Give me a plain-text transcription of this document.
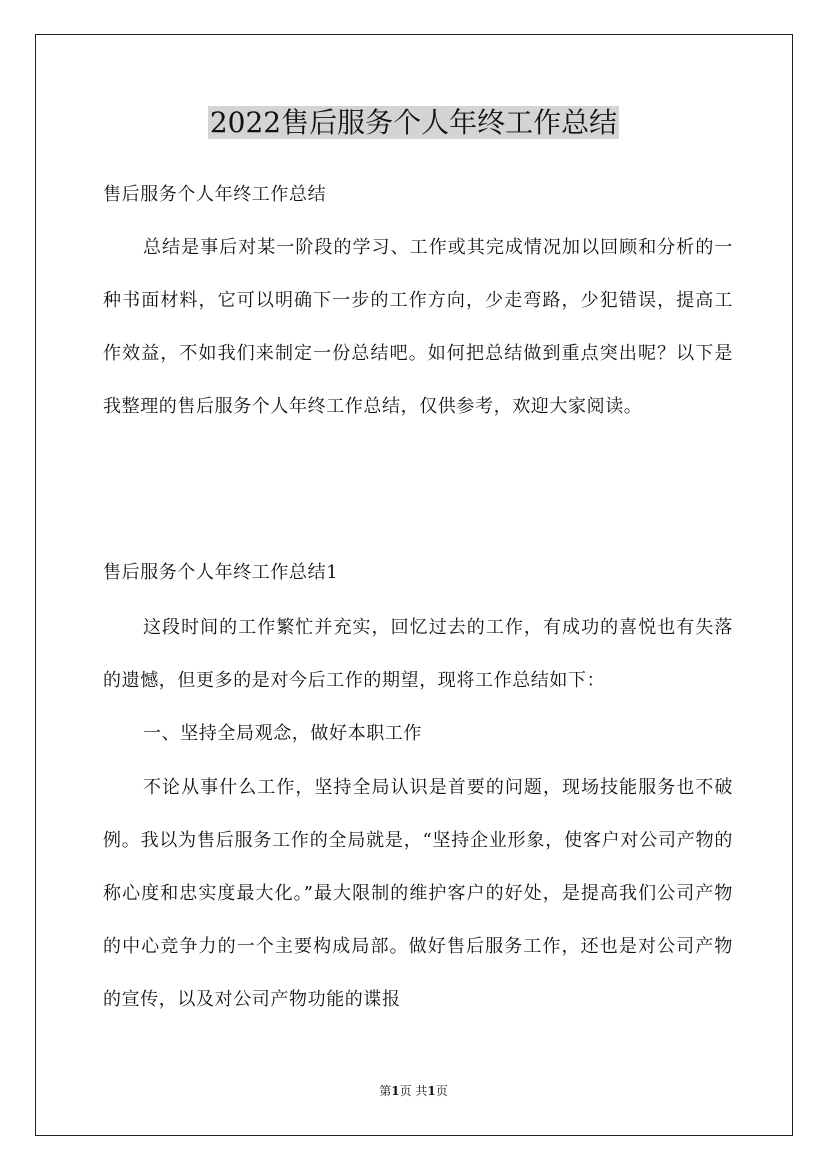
2022售后服务个人年终工作总结

售后服务个人年终工作总结

总结是事后对某一阶段的学习、工作或其完成情况加以回顾和分析的一种书面材料，它可以明确下一步的工作方向，少走弯路，少犯错误，提高工作效益，不如我们来制定一份总结吧。如何把总结做到重点突出呢？以下是我整理的售后服务个人年终工作总结，仅供参考，欢迎大家阅读。

售后服务个人年终工作总结1

这段时间的工作繁忙并充实，回忆过去的工作，有成功的喜悦也有失落的遗憾，但更多的是对今后工作的期望，现将工作总结如下：

一、坚持全局观念，做好本职工作

不论从事什么工作，坚持全局认识是首要的问题，现场技能服务也不破例。我以为售后服务工作的全局就是，“坚持企业形象，使客户对公司产物的称心度和忠实度最大化。”最大限制的维护客户的好处，是提高我们公司产物的中心竞争力的一个主要构成局部。做好售后服务工作，还也是对公司产物的宣传，以及对公司产物功能的谍报

第1页 共1页
